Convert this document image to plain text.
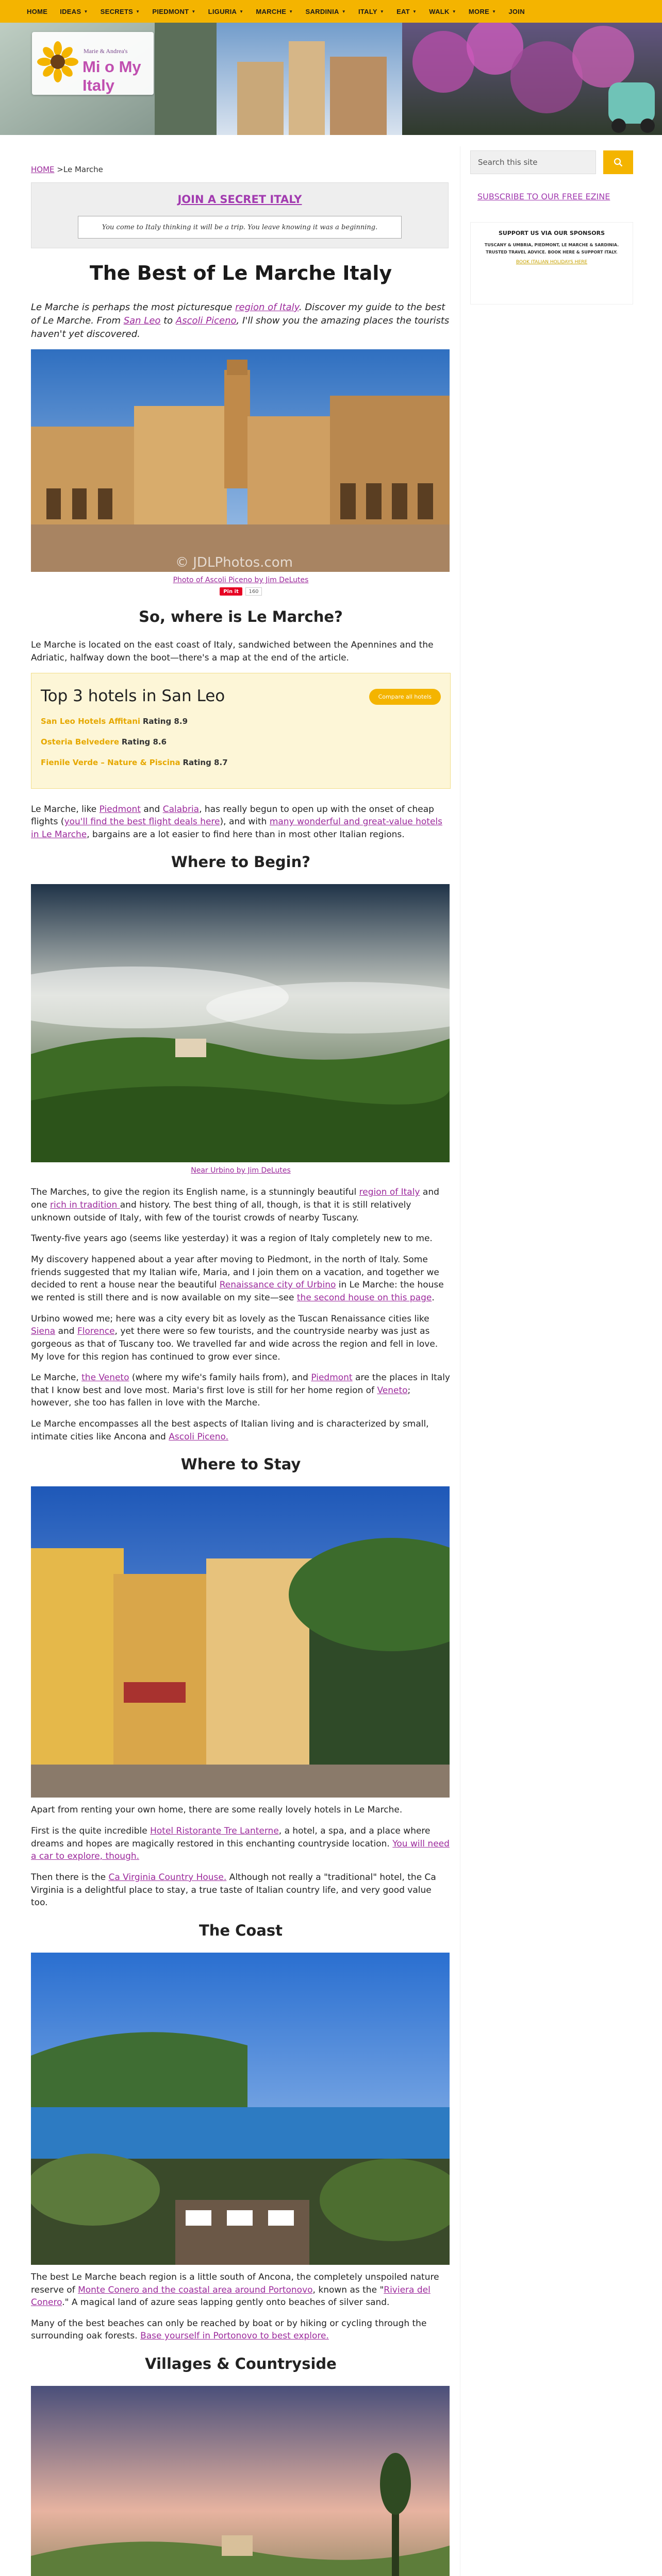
HOME IDEAS ▼ SECRETS ▼ PIEDMONT ▼ LIGURIA ▼ MARCHE ▼ SARDINIA ▼ ITALY ▼ EAT ▼ WALK ▼ MORE ▼ JOIN
Marie & Andrea's
Mi o My Italy
HOME >Le Marche
JOIN A SECRET ITALY
You come to Italy thinking it will be a trip. You leave knowing it was a beginning.
The Best of Le Marche Italy

Le Marche is perhaps the most picturesque region of Italy. Discover my guide to the best of Le Marche. From San Leo to Ascoli Piceno, I'll show you the amazing places the tourists haven't yet discovered.

© JDLPhotos.com
Photo of Ascoli Piceno by Jim DeLutes
Pin it	160
So, where is Le Marche?

Le Marche is located on the east coast of Italy, sandwiched between the Apennines and the Adriatic, halfway down the boot—there's a map at the end of the article.

Top 3 hotels in San Leo	Compare all hotels
San Leo Hotels Affitani Rating 8.9
Osteria Belvedere Rating 8.6
Fienile Verde – Nature & Piscina Rating 8.7

Le Marche, like Piedmont and Calabria, has really begun to open up with the onset of cheap flights (you'll find the best flight deals here), and with many wonderful and great-value hotels in Le Marche, bargains are a lot easier to find here than in most other Italian regions.

Where to Begin?
Near Urbino by Jim DeLutes

The Marches, to give the region its English name, is a stunningly beautiful region of Italy and one rich in tradition and history. The best thing of all, though, is that it is still relatively unknown outside of Italy, with few of the tourist crowds of nearby Tuscany.

Twenty-five years ago (seems like yesterday) it was a region of Italy completely new to me.

My discovery happened about a year after moving to Piedmont, in the north of Italy. Some friends suggested that my Italian wife, Maria, and I join them on a vacation, and together we decided to rent a house near the beautiful Renaissance city of Urbino in Le Marche: the house we rented is still there and is now available on my site—see the second house on this page.

Urbino wowed me; here was a city every bit as lovely as the Tuscan Renaissance cities like Siena and Florence, yet there were so few tourists, and the countryside nearby was just as gorgeous as that of Tuscany too. We travelled far and wide across the region and fell in love. My love for this region has continued to grow ever since.

Le Marche, the Veneto (where my wife's family hails from), and Piedmont are the places in Italy that I know best and love most. Maria's first love is still for her home region of Veneto; however, she too has fallen in love with the Marche.

Le Marche encompasses all the best aspects of Italian living and is characterized by small, intimate cities like Ancona and Ascoli Piceno.

Where to Stay

Apart from renting your own home, there are some really lovely hotels in Le Marche.

First is the quite incredible Hotel Ristorante Tre Lanterne, a hotel, a spa, and a place where dreams and hopes are magically restored in this enchanting countryside location. You will need a car to explore, though.

Then there is the Ca Virginia Country House. Although not really a "traditional" hotel, the Ca Virginia is a delightful place to stay, a true taste of Italian country life, and very good value too.

The Coast

The best Le Marche beach region is a little south of Ancona, the completely unspoiled nature reserve of Monte Conero and the coastal area around Portonovo, known as the "Riviera del Conero." A magical land of azure seas lapping gently onto beaches of silver sand.

Many of the best beaches can only be reached by boat or by hiking or cycling through the surrounding oak forests. Base yourself in Portonovo to best explore.

Villages & Countryside

Search this site
SUBSCRIBE TO OUR FREE EZINE
SUPPORT US VIA OUR SPONSORS
TUSCANY & UMBRIA, PIEDMONT, LE MARCHE & SARDINIA. TRUSTED TRAVEL ADVICE. BOOK HERE & SUPPORT ITALY.
BOOK ITALIAN HOLIDAYS HERE
